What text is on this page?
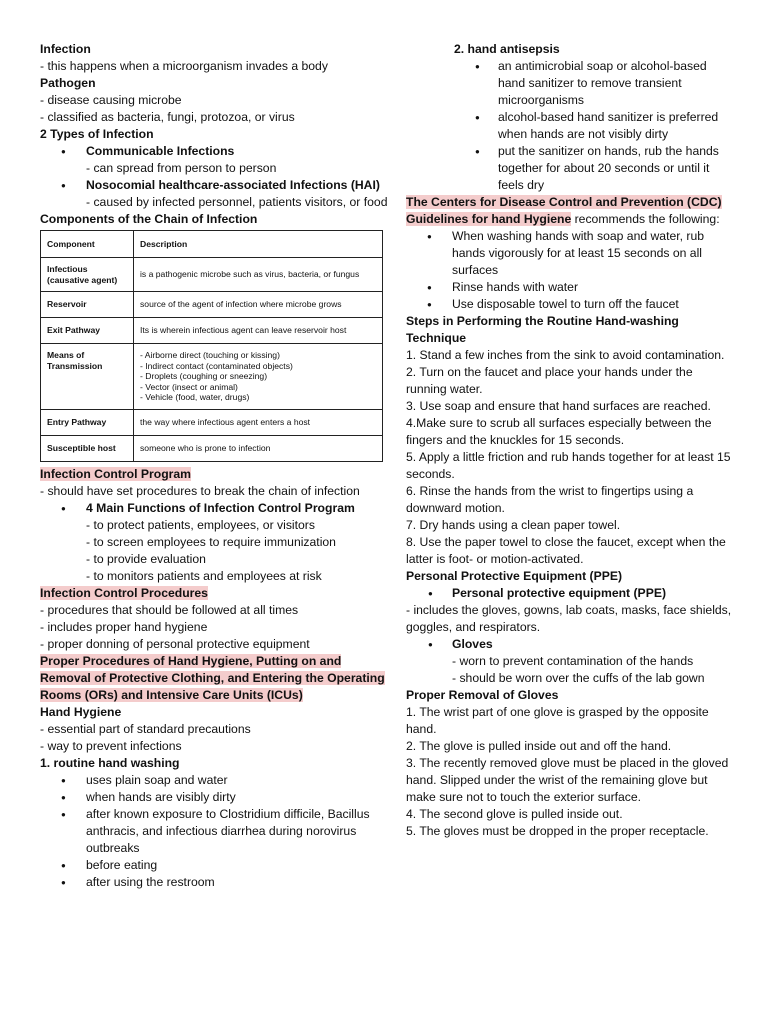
Infection

- this happens when a microorganism invades a body

Pathogen

- disease causing microbe

- classified as bacteria, fungi, protozoa, or virus

2 Types of Infection

● Communicable Infections

- can spread from person to person

● Nosocomial healthcare-associated Infections (HAI)

- caused by infected personnel, patients visitors, or food

Components of the Chain of Infection

Component	Description
Infectious (causative agent)	is a pathogenic microbe such as virus, bacteria, or fungus
Reservoir	source of the agent of infection where microbe grows
Exit Pathway	Its is wherein infectious agent can leave reservoir host
Means of Transmission	- Airborne direct (touching or kissing)
- Indirect contact (contaminated objects)
- Droplets (coughing or sneezing)
- Vector (insect or animal)
- Vehicle (food, water, drugs)

Entry Pathway	the way where infectious agent enters a host
Susceptible host	someone who is prone to infection

Infection Control Program

- should have set procedures to break the chain of infection

● 4 Main Functions of Infection Control Program

- to protect patients, employees, or visitors

- to screen employees to require immunization

- to provide evaluation

- to monitors patients and employees at risk

Infection Control Procedures

- procedures that should be followed at all times

- includes proper hand hygiene

- proper donning of personal protective equipment

Proper Procedures of Hand Hygiene, Putting on and Removal of Protective Clothing, and Entering the Operating Rooms (ORs) and Intensive Care Units (ICUs)

Hand Hygiene

- essential part of standard precautions

- way to prevent infections

1. routine hand washing

● uses plain soap and water
● when hands are visibly dirty
● after known exposure to Clostridium difficile, Bacillus anthracis, and infectious diarrhea during norovirus outbreaks
● before eating
● after using the restroom

2. hand antisepsis

● an antimicrobial soap or alcohol-based hand sanitizer to remove transient microorganisms
● alcohol-based hand sanitizer is preferred when hands are not visibly dirty
● put the sanitizer on hands, rub the hands together for about 20 seconds or until it feels dry

The Centers for Disease Control and Prevention (CDC) Guidelines for hand Hygiene recommends the following:

● When washing hands with soap and water, rub hands vigorously for at least 15 seconds on all surfaces
● Rinse hands with water
● Use disposable towel to turn off the faucet

Steps in Performing the Routine Hand-washing Technique

1. Stand a few inches from the sink to avoid contamination.

2. Turn on the faucet and place your hands under the running water.

3. Use soap and ensure that hand surfaces are reached.

4.Make sure to scrub all surfaces especially between the fingers and the knuckles for 15 seconds.

5. Apply a little friction and rub hands together for at least 15 seconds.

6. Rinse the hands from the wrist to fingertips using a downward motion.

7. Dry hands using a clean paper towel.

8. Use the paper towel to close the faucet, except when the latter is foot- or motion-activated.

Personal Protective Equipment (PPE)

● Personal protective equipment (PPE)

- includes the gloves, gowns, lab coats, masks, face shields, goggles, and respirators.

● Gloves

- worn to prevent contamination of the hands

- should be worn over the cuffs of the lab gown

Proper Removal of Gloves

1. The wrist part of one glove is grasped by the opposite hand.

2. The glove is pulled inside out and off the hand.

3. The recently removed glove must be placed in the gloved hand. Slipped under the wrist of the remaining glove but make sure not to touch the exterior surface.

4. The second glove is pulled inside out.

5. The gloves must be dropped in the proper receptacle.
